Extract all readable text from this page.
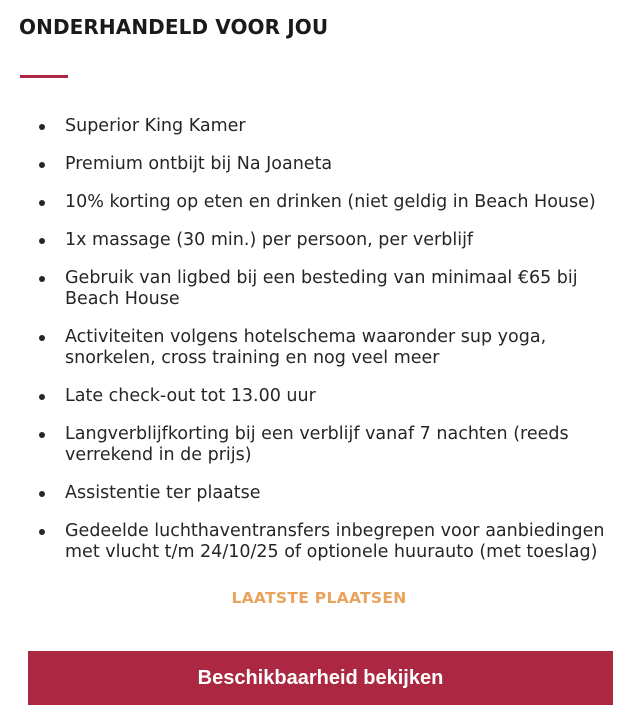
ONDERHANDELD VOOR JOU
Superior King Kamer
Premium ontbijt bij Na Joaneta
10% korting op eten en drinken (niet geldig in Beach House)
1x massage (30 min.) per persoon, per verblijf
Gebruik van ligbed bij een besteding van minimaal €65 bij
Beach House
Activiteiten volgens hotelschema waaronder sup yoga,
snorkelen, cross training en nog veel meer
Late check-out tot 13.00 uur
Langverblijfkorting bij een verblijf vanaf 7 nachten (reeds
verrekend in de prijs)
Assistentie ter plaatse
Gedeelde luchthaventransfers inbegrepen voor aanbiedingen
met vlucht t/m 24/10/25 of optionele huurauto (met toeslag)
LAATSTE PLAATSEN
Beschikbaarheid bekijken
